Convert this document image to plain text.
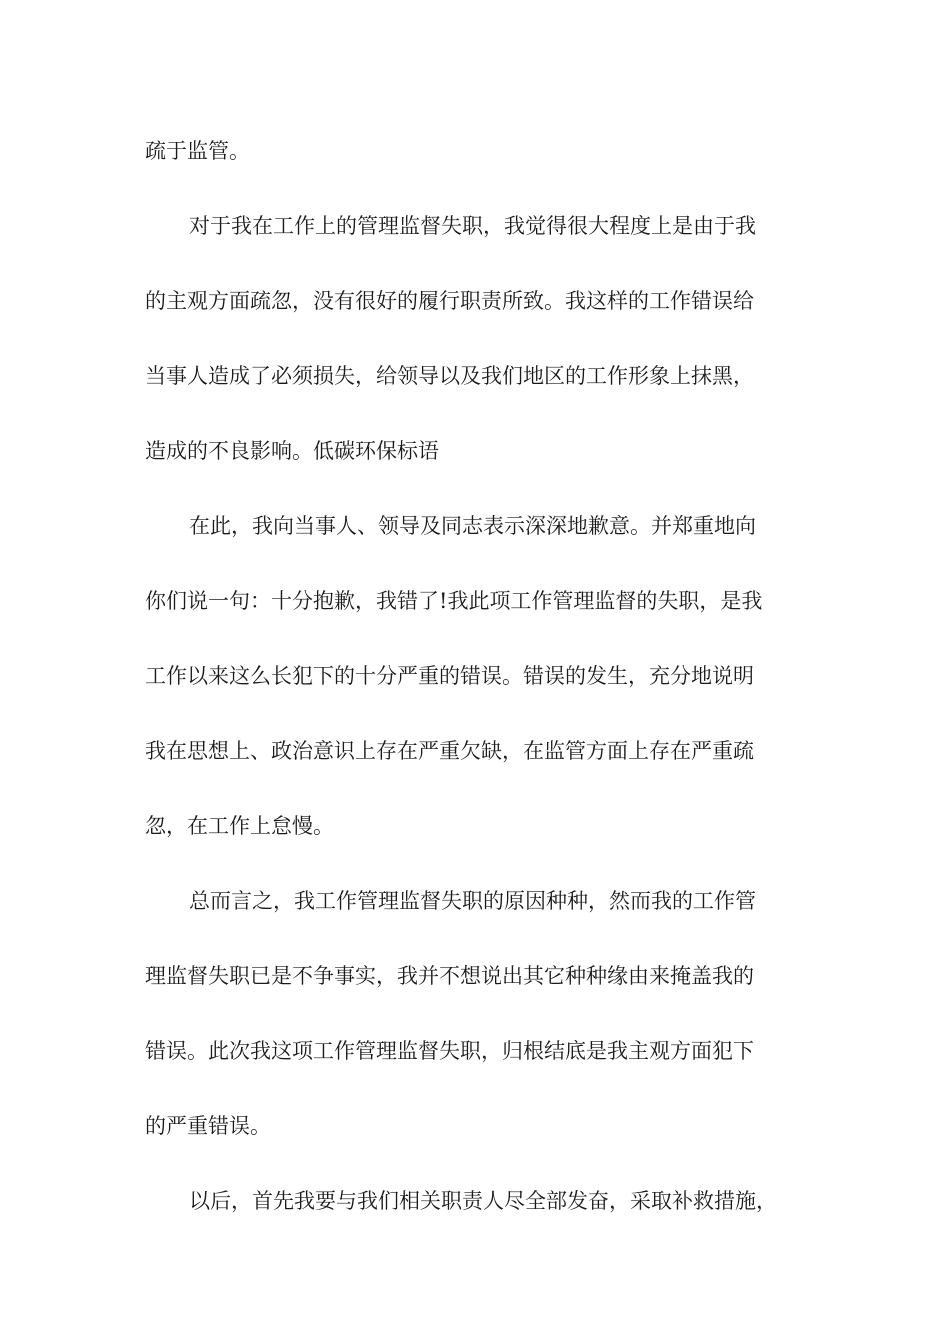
疏于监管。
对于我在工作上的管理监督失职，我觉得很大程度上是由于我
的主观方面疏忽，没有很好的履行职责所致。我这样的工作错误给
当事人造成了必须损失，给领导以及我们地区的工作形象上抹黑，
造成的不良影响。低碳环保标语
在此，我向当事人、领导及同志表示深深地歉意。并郑重地向
你们说一句：十分抱歉，我错了!我此项工作管理监督的失职，是我
工作以来这么长犯下的十分严重的错误。错误的发生，充分地说明
我在思想上、政治意识上存在严重欠缺，在监管方面上存在严重疏
忽，在工作上怠慢。
总而言之，我工作管理监督失职的原因种种，然而我的工作管
理监督失职已是不争事实，我并不想说出其它种种缘由来掩盖我的
错误。此次我这项工作管理监督失职，归根结底是我主观方面犯下
的严重错误。
以后，首先我要与我们相关职责人尽全部发奋，采取补救措施，
